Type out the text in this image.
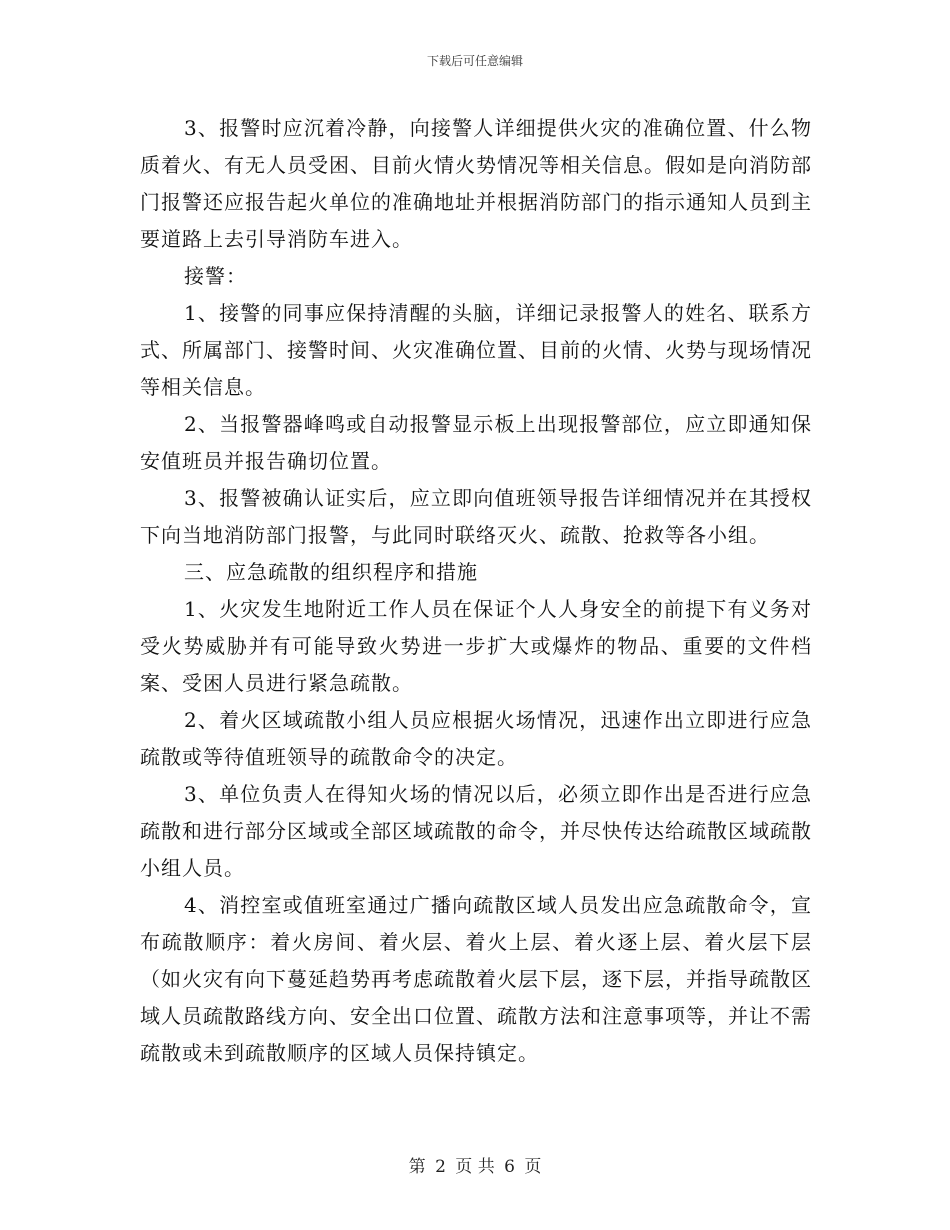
下载后可任意编辑

3、报警时应沉着冷静，向接警人详细提供火灾的准确位置、什么物质着火、有无人员受困、目前火情火势情况等相关信息。假如是向消防部门报警还应报告起火单位的准确地址并根据消防部门的指示通知人员到主要道路上去引导消防车进入。

接警：

1、接警的同事应保持清醒的头脑，详细记录报警人的姓名、联系方式、所属部门、接警时间、火灾准确位置、目前的火情、火势与现场情况等相关信息。

2、当报警器峰鸣或自动报警显示板上出现报警部位，应立即通知保安值班员并报告确切位置。

3、报警被确认证实后，应立即向值班领导报告详细情况并在其授权下向当地消防部门报警，与此同时联络灭火、疏散、抢救等各小组。

三、应急疏散的组织程序和措施

1、火灾发生地附近工作人员在保证个人人身安全的前提下有义务对受火势威胁并有可能导致火势进一步扩大或爆炸的物品、重要的文件档案、受困人员进行紧急疏散。

2、着火区域疏散小组人员应根据火场情况，迅速作出立即进行应急疏散或等待值班领导的疏散命令的决定。

3、单位负责人在得知火场的情况以后，必须立即作出是否进行应急疏散和进行部分区域或全部区域疏散的命令，并尽快传达给疏散区域疏散小组人员。

4、消控室或值班室通过广播向疏散区域人员发出应急疏散命令，宣布疏散顺序：着火房间、着火层、着火上层、着火逐上层、着火层下层（如火灾有向下蔓延趋势再考虑疏散着火层下层，逐下层，并指导疏散区域人员疏散路线方向、安全出口位置、疏散方法和注意事项等，并让不需疏散或未到疏散顺序的区域人员保持镇定。

第 2 页 共 6 页
